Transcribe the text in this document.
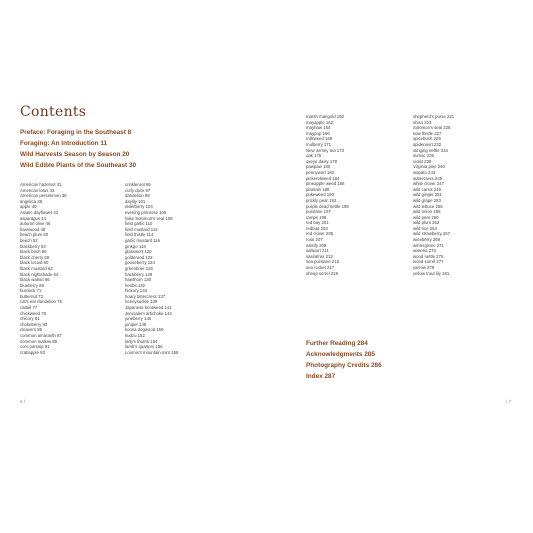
Contents
Preface: Foraging in the Southeast 8
Foraging: An Introduction 11
Wild Harvests Season by Season 20
Wild Edible Plants of the Southeast 30
American hazelnut 31
American lotus 33
American persimmon 36
angelica 38
apple 40
Asiatic dayflower 42
asparagus 44
autumn olive 46
basswood 48
beach plum 50
beech 52
blackberry 54
black birch 56
black cherry 58
black locust 60
black mustard 62
black nightshade 64
black walnut 66
blueberry 69
burdock 71
butternut 73
cat's ear dandelion 75
cattail 77
chickweed 79
chicory 81
chokeberry 83
cleavers 85
common amaranth 87
common mallow 89
corn parsnip 91
crabapple 93
crinkleroot 95
curly dock 97
dandelion 99
daylily 101
elderberry 104
evening primrose 106
false Solomon's seal 108
field garlic 110
field mustard 112
field thistle 114
garlic mustard 116
ginkgo 118
glasswort 120
goldenrod 122
gooseberry 124
greenbrier 126
hackberry 128
hawthorn 130
henbit 132
hickory 134
hoary bittercress 137
honeysuckle 139
Japanese knotweed 141
Jerusalem artichoke 144
juneberry 146
juniper 148
kousa dogwood 150
kudzu 152
lady's thumb 154
lamb's quarters 156
Loomis's mountain mint 158
marsh marigold 160
mayapple 162
mayhaw 164
maypop 166
milkweed 168
mulberry 171
New Jersey tea 173
oak 175
oxeye daisy 178
pawpaw 180
pennywort 182
pickerelweed 184
pineapple weed 186
plantain 188
pokeweed 190
prickly pear 192
purple dead nettle 195
purslane 197
ramps 199
red bay 201
redbud 203
red clover 205
rose 207
salsify 209
saltwort 211
sassafras 213
sea purslane 215
sea rocket 217
sheep sorrel 219
shepherd's purse 221
shiso 223
Solomon's seal 225
sow thistle 227
spicebush 229
spiderwort 232
stinging nettle 234
sumac 236
violet 238
Virginia pine 240
wapato 243
watercress 245
white clover 247
wild carrot 249
wild ginger 251
wild grape 253
wild lettuce 256
wild onion 258
wild pear 260
wild plum 262
wild rice 264
wild strawberry 267
wineberry 269
wintergreen 271
wisteria 273
wood nettle 275
wood sorrel 277
yarrow 279
yellow trout lily 281
Further Reading 284
Acknowledgments 285
Photography Credits 286
Index 287
6 /	/ 7
